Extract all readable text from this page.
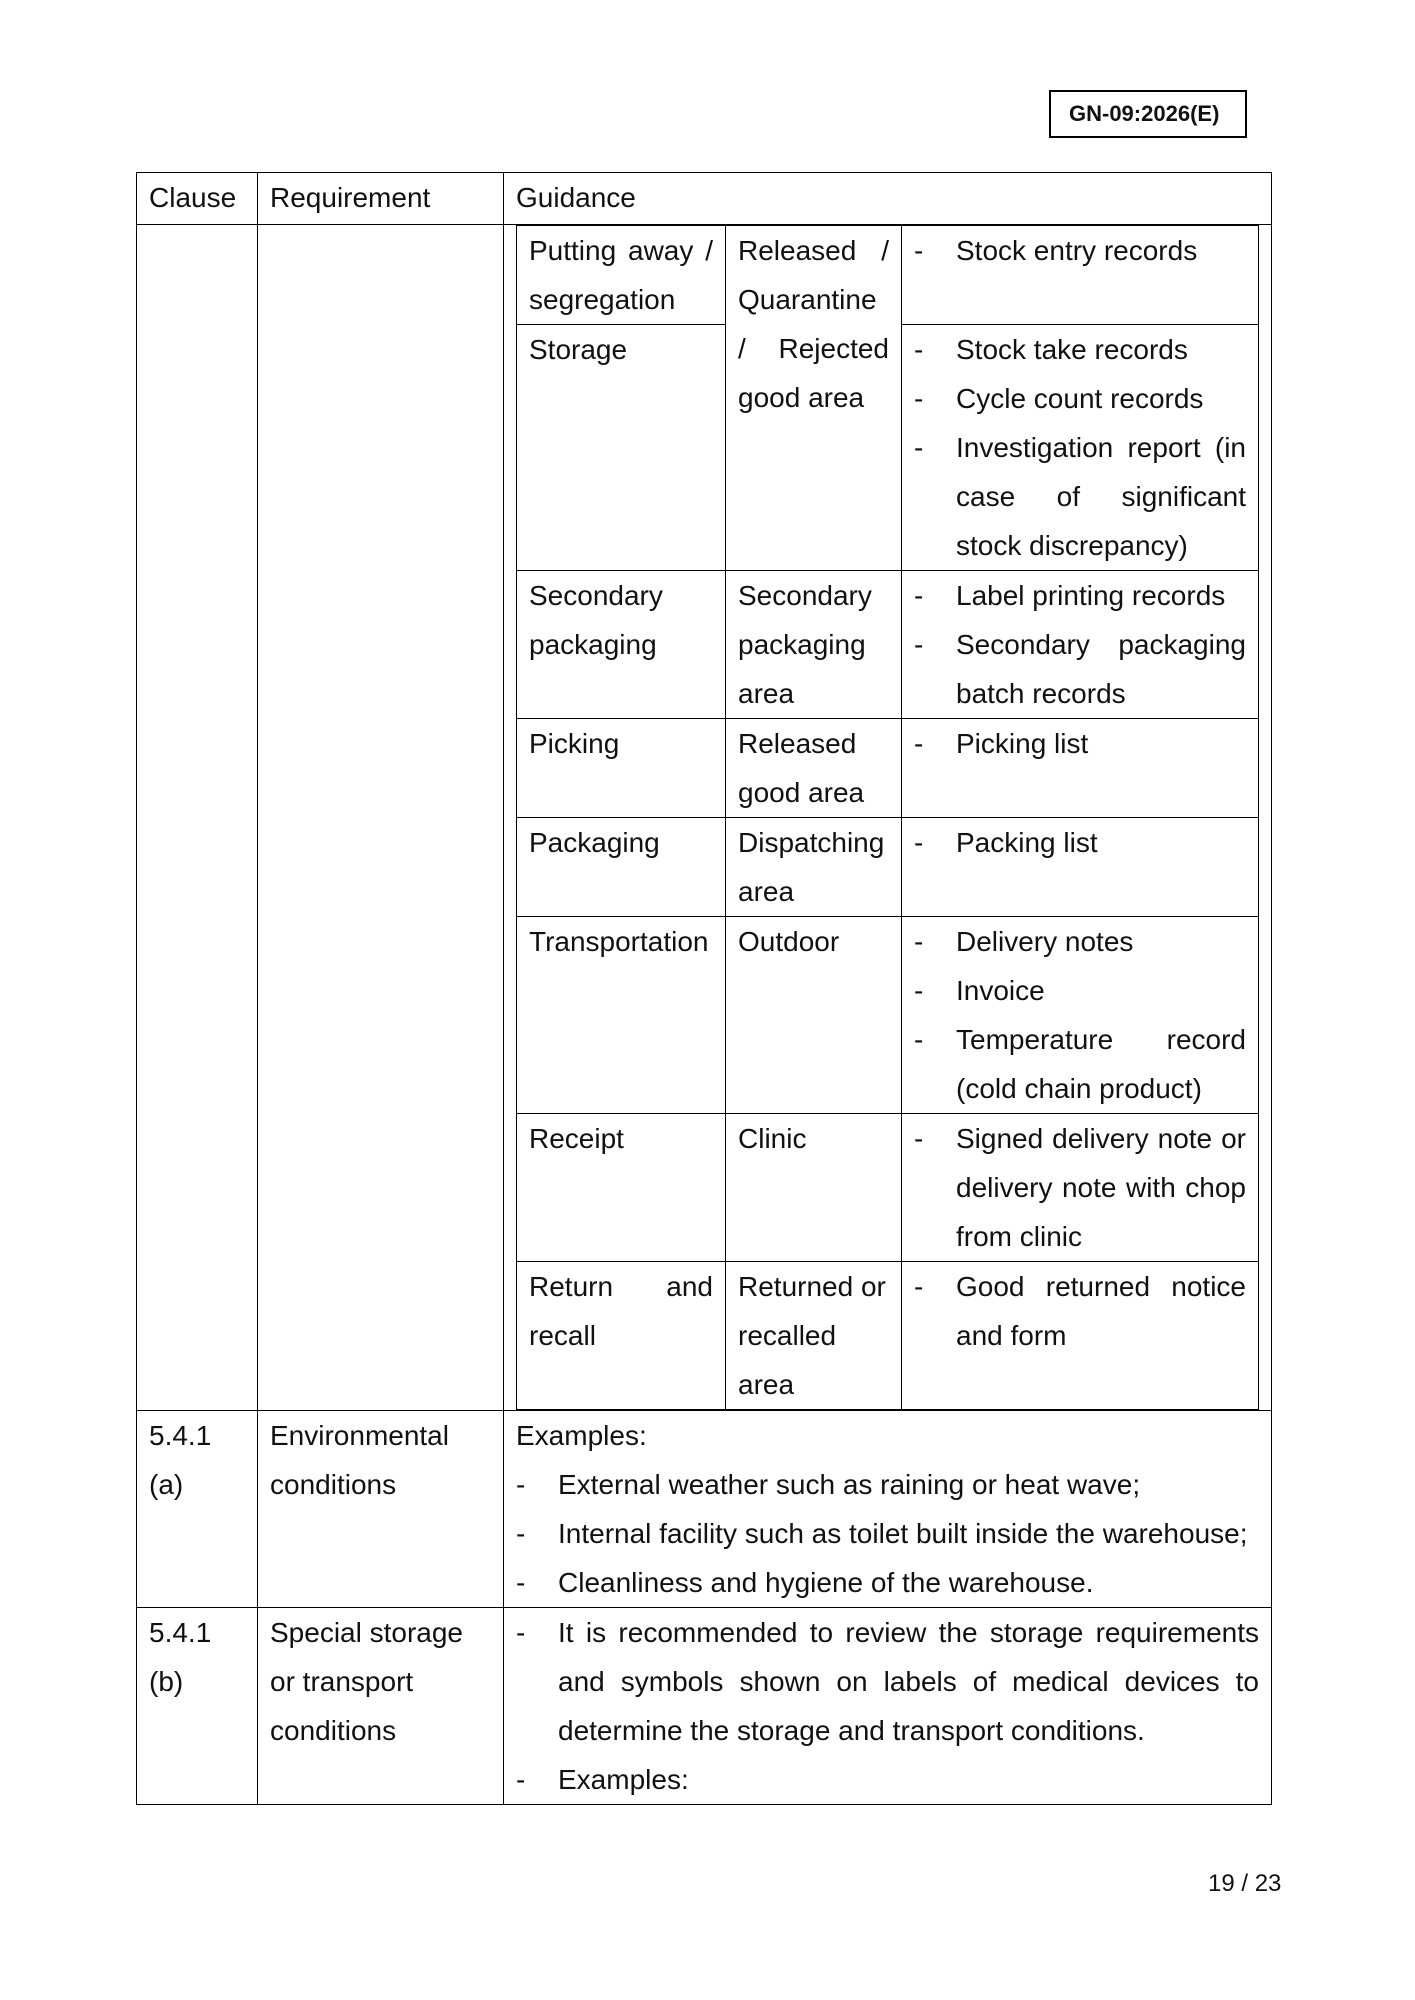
GN-09:2026(E)
Clause	Requirement	Guidance

Putting away / segregation	Released / Quarantine / Rejected good area	
- Stock entry records

Storage	
-Stock take records
- Cycle count records
- Investigation report (in case of significant stock discrepancy)

Secondary packaging	Secondary packaging area	
- Label printing records
- Secondary packaging batch records

Picking	Released good area	
- Picking list

Packaging	Dispatching area	
- Packing list

Transportation	Outdoor	
-Delivery notes
- Invoice
- Temperature record (cold chain product)

Receipt	Clinic	
-Signed delivery note or delivery note with chop from clinic

Return and recall	Returned or recalled area	
- Good returned notice and form

5.4.1 (a)	Environmental conditions	
Examples:
- External weather such as raining or heat wave;
- Internal facility such as toilet built inside the warehouse;
- Cleanliness and hygiene of the warehouse.

5.4.1 (b)	Special storage or transport conditions	
- It is recommended to review the storage requirements and symbols shown on labels of medical devices to determine the storage and transport conditions.
- Examples:
19 / 23
